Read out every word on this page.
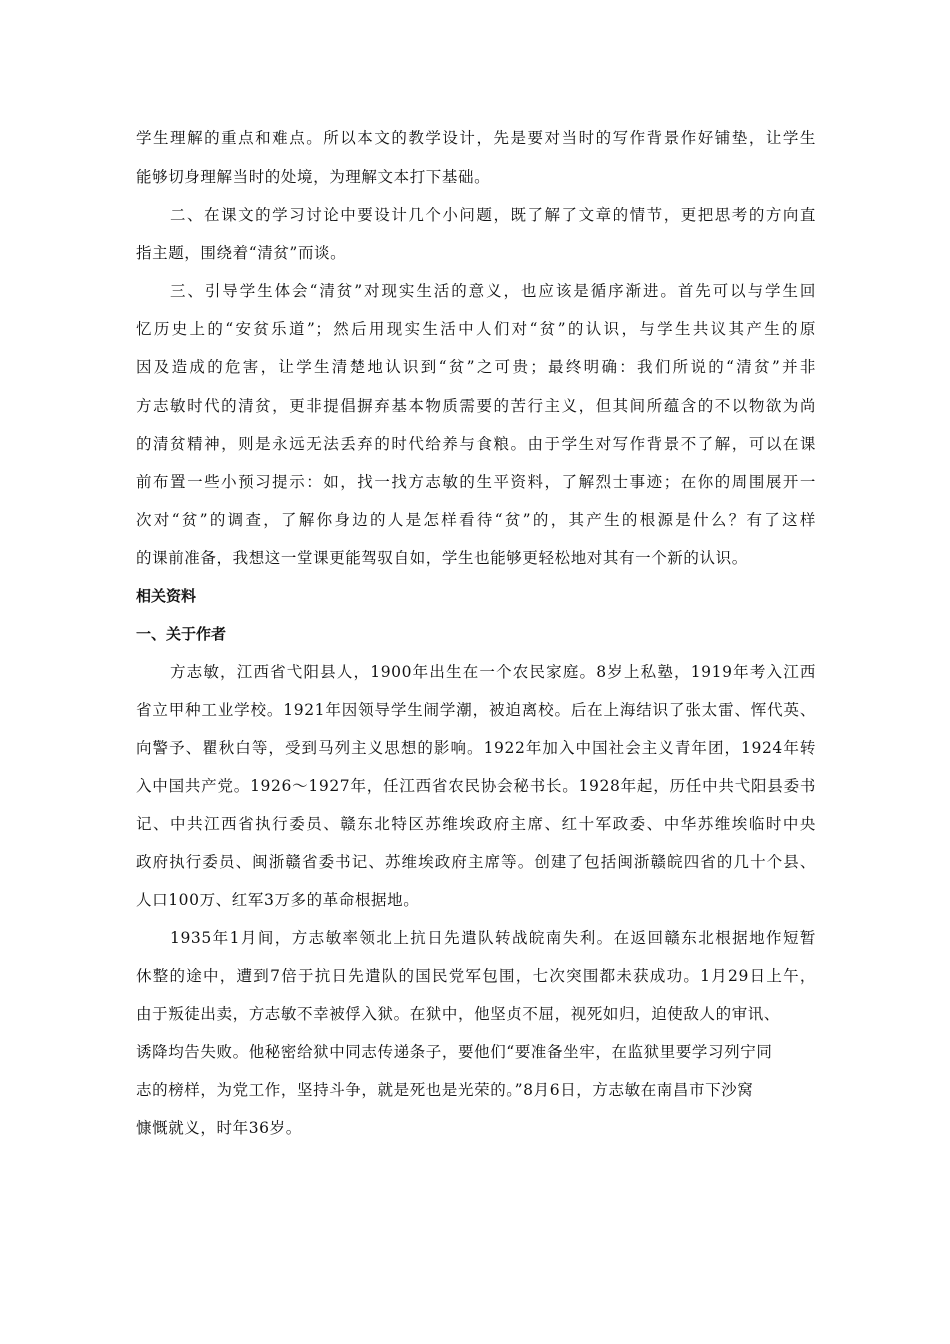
学生理解的重点和难点。所以本文的教学设计，先是要对当时的写作背景作好铺垫，让学生
能够切身理解当时的处境，为理解文本打下基础。
二、在课文的学习讨论中要设计几个小问题，既了解了文章的情节，更把思考的方向直
指主题，围绕着“清贫”而谈。
三、引导学生体会“清贫”对现实生活的意义，也应该是循序渐进。首先可以与学生回
忆历史上的“安贫乐道”；然后用现实生活中人们对“贫”的认识，与学生共议其产生的原
因及造成的危害，让学生清楚地认识到“贫”之可贵；最终明确：我们所说的“清贫”并非
方志敏时代的清贫，更非提倡摒弃基本物质需要的苦行主义，但其间所蕴含的不以物欲为尚
的清贫精神，则是永远无法丢弃的时代给养与食粮。由于学生对写作背景不了解，可以在课
前布置一些小预习提示：如，找一找方志敏的生平资料，了解烈士事迹；在你的周围展开一
次对“贫”的调查，了解你身边的人是怎样看待“贫”的，其产生的根源是什么？有了这样
的课前准备，我想这一堂课更能驾驭自如，学生也能够更轻松地对其有一个新的认识。
相关资料
一、关于作者
方志敏，江西省弋阳县人，1900年出生在一个农民家庭。8岁上私塾，1919年考入江西
省立甲种工业学校。1921年因领导学生闹学潮，被迫离校。后在上海结识了张太雷、恽代英、
向警予、瞿秋白等，受到马列主义思想的影响。1922年加入中国社会主义青年团，1924年转
入中国共产党。1926～1927年，任江西省农民协会秘书长。1928年起，历任中共弋阳县委书
记、中共江西省执行委员、赣东北特区苏维埃政府主席、红十军政委、中华苏维埃临时中央
政府执行委员、闽浙赣省委书记、苏维埃政府主席等。创建了包括闽浙赣皖四省的几十个县、
人口100万、红军3万多的革命根据地。
1935年1月间，方志敏率领北上抗日先遣队转战皖南失利。在返回赣东北根据地作短暂
休整的途中，遭到7倍于抗日先遣队的国民党军包围，七次突围都未获成功。1月29日上午，
由于叛徒出卖，方志敏不幸被俘入狱。在狱中，他坚贞不屈，视死如归，迫使敌人的审讯、
诱降均告失败。他秘密给狱中同志传递条子，要他们“要准备坐牢，在监狱里要学习列宁同
志的榜样，为党工作，坚持斗争，就是死也是光荣的。”8月6日，方志敏在南昌市下沙窝
慷慨就义，时年36岁。
